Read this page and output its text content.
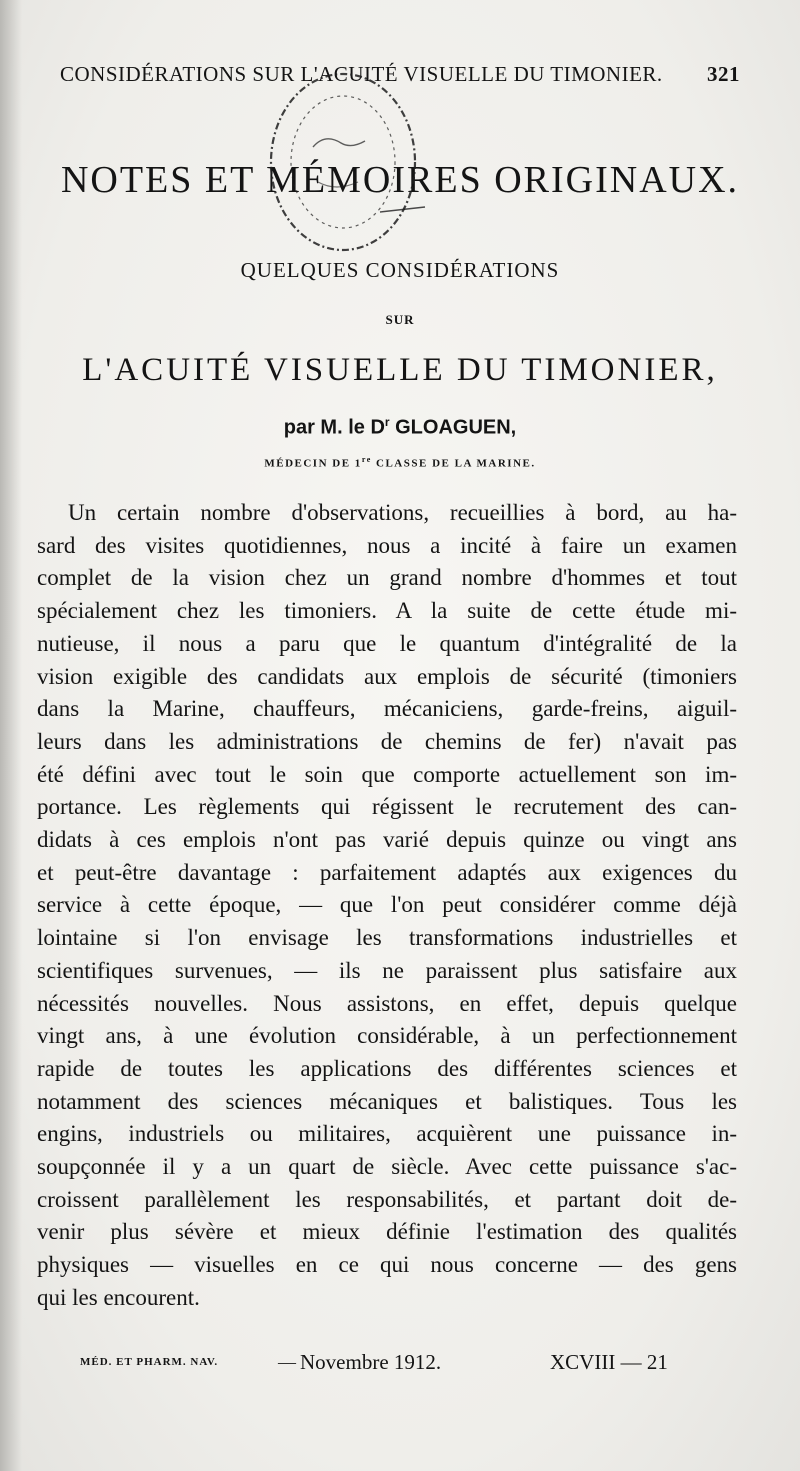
CONSIDÉRATIONS SUR L'ACUITÉ VISUELLE DU TIMONIER. 321
NOTES ET MÉMOIRES ORIGINAUX.
QUELQUES CONSIDÉRATIONS
SUR
L'ACUITÉ VISUELLE DU TIMONIER,
par M. le $D^r$ GLOAGUEN,
MÉDECIN DE 1re CLASSE DE LA MARINE.
Un certain nombre d'observations, recueillies à bord, au ha-
sard des visites quotidiennes, nous a incité à faire un examen
complet de la vision chez un grand nombre d'hommes et tout
spécialement chez les timoniers. A la suite de cette étude mi-
nutieuse, il nous a paru que le quantum d'intégralité de la
vision exigible des candidats aux emplois de sécurité (timoniers
dans la Marine, chauffeurs, mécaniciens, garde-freins, aiguil-
leurs dans les administrations de chemins de fer) n'avait pas
été défini avec tout le soin que comporte actuellement son im-
portance. Les règlements qui régissent le recrutement des can-
didats à ces emplois n'ont pas varié depuis quinze ou vingt ans
et peut-être davantage : parfaitement adaptés aux exigences du
service à cette époque, — que l'on peut considérer comme déjà
lointaine si l'on envisage les transformations industrielles et
scientifiques survenues, — ils ne paraissent plus satisfaire aux
nécessités nouvelles. Nous assistons, en effet, depuis quelque
vingt ans, à une évolution considérable, à un perfectionnement
rapide de toutes les applications des différentes sciences et
notamment des sciences mécaniques et balistiques. Tous les
engins, industriels ou militaires, acquièrent une puissance in-
soupçonnée il y a un quart de siècle. Avec cette puissance s'ac-
croissent parallèlement les responsabilités, et partant doit de-
venir plus sévère et mieux définie l'estimation des qualités
physiques — visuelles en ce qui nous concerne — des gens
qui les encourent.
MÉD. ET PHARM. NAV.	— Novembre 1912.	XCVIII — 21
